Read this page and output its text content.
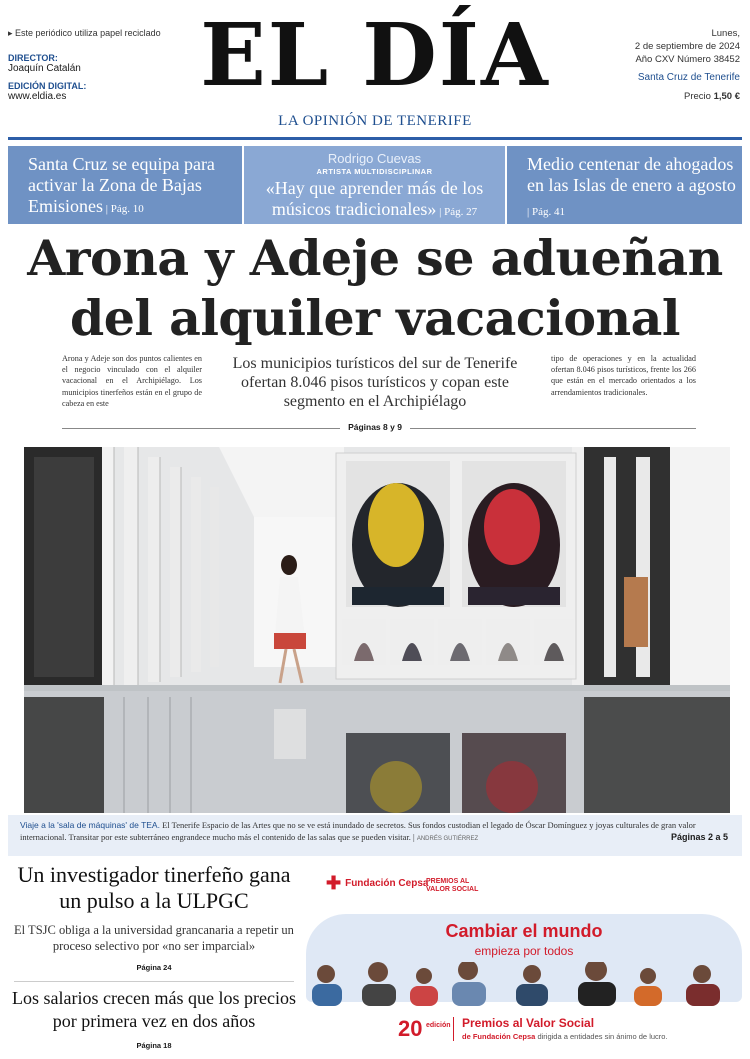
▸ Este periódico utiliza papel reciclado
DIRECTOR:
Joaquín Catalán
EDICIÓN DIGITAL:
www.eldia.es	EL DÍA
LA OPINIÓN DE TENERIFE
Lunes,
2 de septiembre de 2024
Año CXV Número 38452
Santa Cruz de Tenerife
Precio 1,50 €
Santa Cruz se equipa para activar la Zona de Bajas Emisiones | Pág. 10
Rodrigo Cuevas
ARTISTA MULTIDISCIPLINAR
«Hay que aprender más de los músicos tradicionales» | Pág. 27
Medio centenar de ahogados en las Islas de enero a agosto | Pág. 41
Arona y Adeje se adueñan del alquiler vacacional
Arona y Adeje son dos puntos calientes en el negocio vinculado con el alquiler vacacional en el Archipiélago. Los municipios tinerfeños están en el grupo de cabeza en este
Los municipios turísticos del sur de Tenerife ofertan 8.046 pisos turísticos y copan este segmento en el Archipiélago
tipo de operaciones y en la actualidad ofertan 8.046 pisos turísticos, frente los 266 que están en el mercado orientados a los arrendamientos tradicionales.
Páginas 8 y 9
Viaje a la 'sala de máquinas' de TEA. El Tenerife Espacio de las Artes que no se ve está inundado de secretos. Sus fondos custodian el legado de Óscar Domínguez y joyas culturales de gran valor internacional. Transitar por este subterráneo engrandece mucho más el contenido de las salas que se pueden visitar. | ANDRÉS GUTIÉRREZ	Páginas 2 a 5
Un investigador tinerfeño gana un pulso a la ULPGC
El TSJC obliga a la universidad grancanaria a repetir un proceso selectivo por «no ser imparcial»
Página 24
Los salarios crecen más que los precios por primera vez en dos años
Página 18
✚ Fundación Cepsa
PREMIOS AL VALOR SOCIAL
Cambiar el mundo
empieza por todos
20 edición Premios al Valor Social
de Fundación Cepsa dirigida a entidades sin ánimo de lucro.
